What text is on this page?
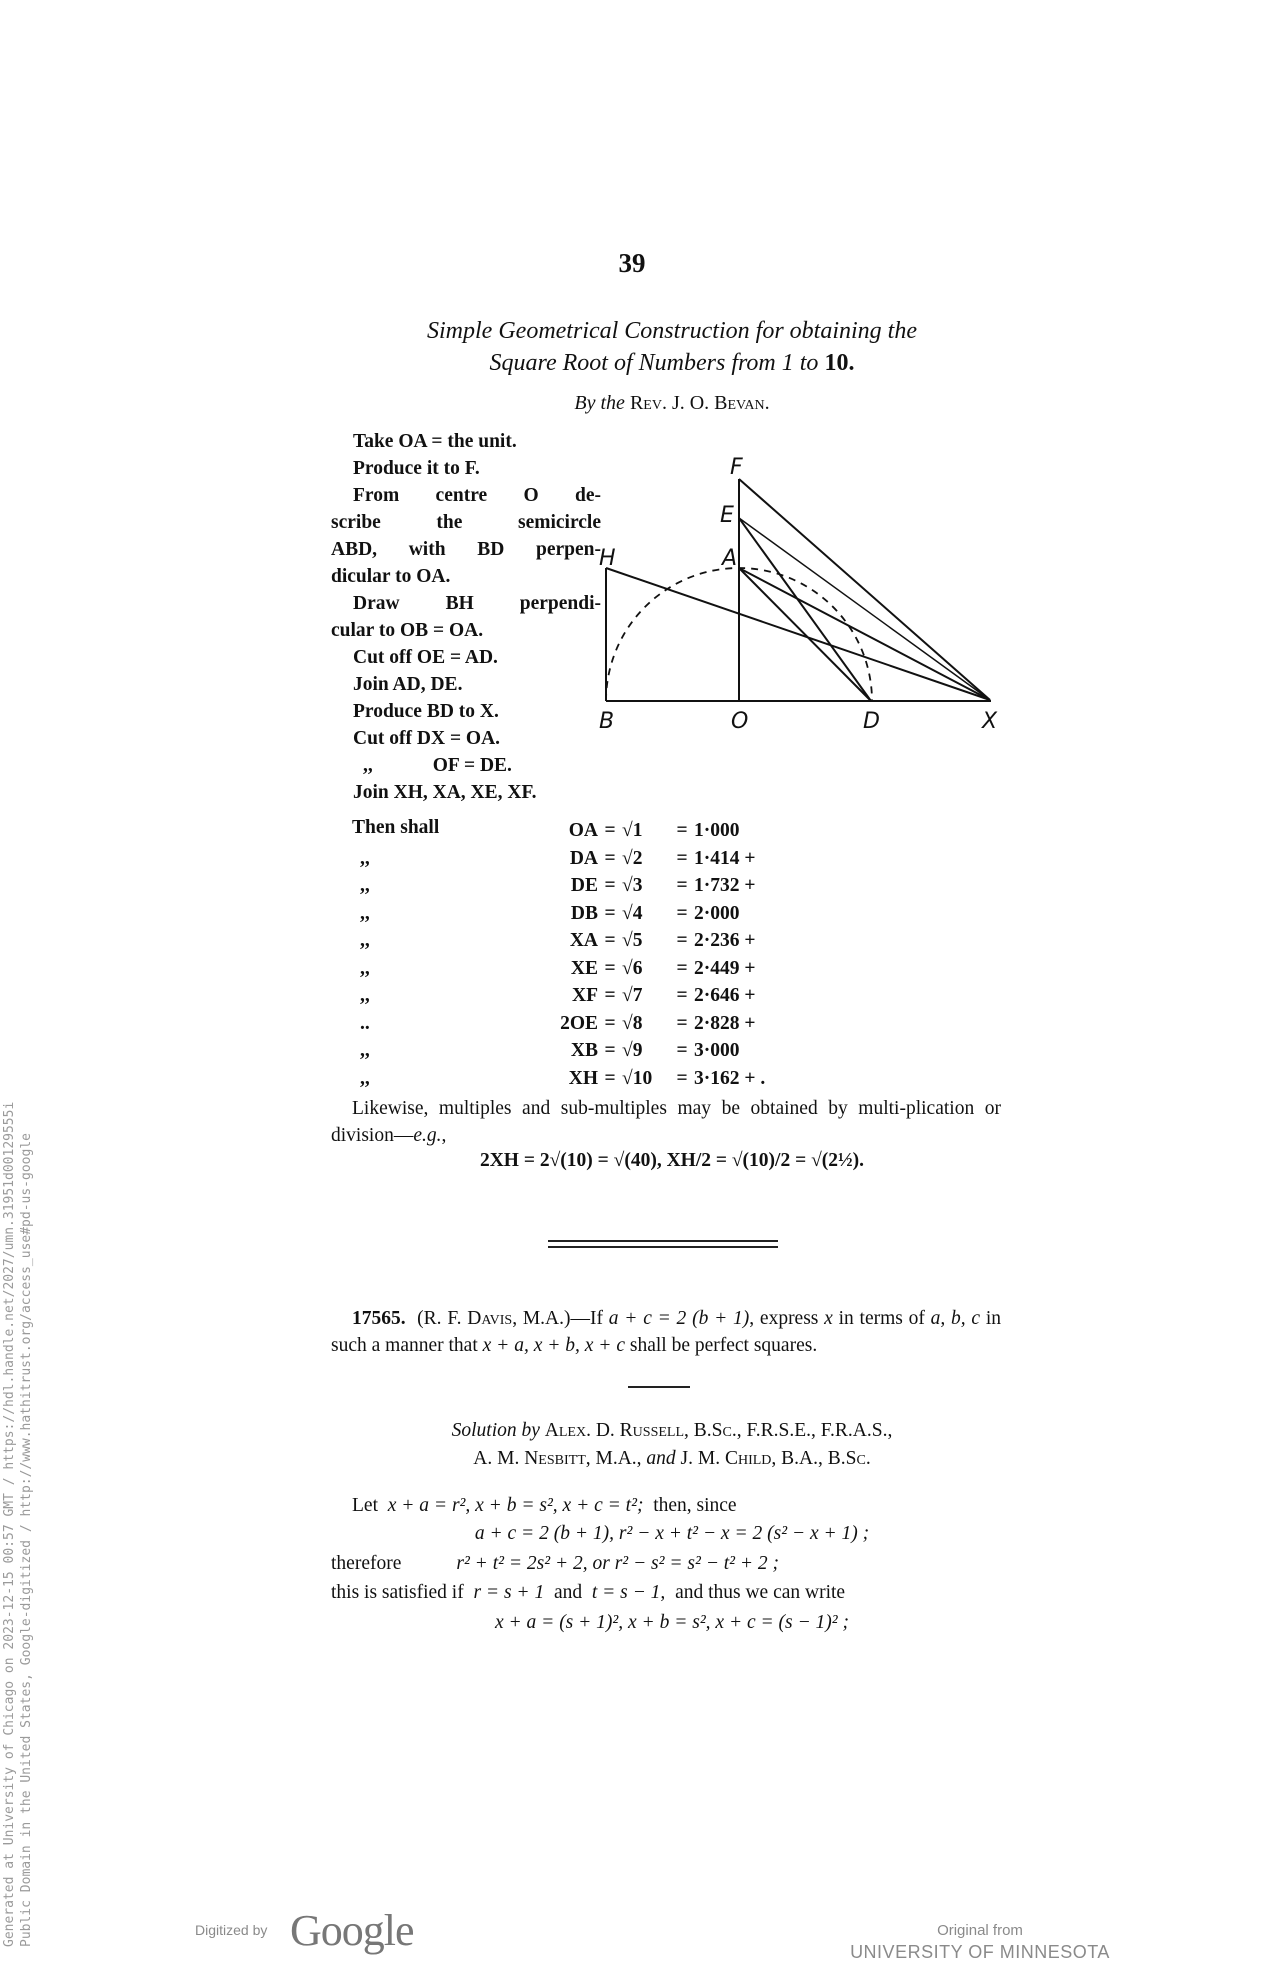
39
Simple Geometrical Construction for obtaining the
Square Root of Numbers from 1 to 10.
By the Rev. J. O. Bevan.
Take OA = the unit.
Produce it to F.
From centre O de-
scribe the semicircle
ABD, with BD perpen-
dicular to OA.
Draw BH perpendi-
cular to OB = OA.
Cut off OE = AD.
Join AD, DE.
Produce BD to X.
Cut off DX = OA.
,,	OF = DE.
Join XH, XA, XE, XF.
F
E
A
H
B	O	D	X
Then shall
		OA	=	√1	=	1·000
,,	DA	=	√2	=	1·414 +
,,	DE	=	√3	=	1·732 +
,,	DB	=	√4	=	2·000
,,	XA	=	√5	=	2·236 +
,,	XE	=	√6	=	2·449 +
,,	XF	=	√7	=	2·646 +
..	2OE	=	√8	=	2·828 +
,,	XB	=	√9	=	3·000
,,	XH	=	√10	=	3·162 + .
Likewise, multiples and sub-multiples may be obtained by multi-plication or division—e.g.,
2XH = 2√(10) = √(40), XH/2 = √(10)/2 = √(2½).
17565. (R. F. Davis, M.A.)—If a + c = 2 (b + 1), express x in terms of a, b, c in such a manner that x + a, x + b, x + c shall be perfect squares.
Solution by Alex. D. Russell, B.Sc., F.R.S.E., F.R.A.S.,
A. M. Nesbitt, M.A., and J. M. Child, B.A., B.Sc.
Let x + a = r², x + b = s², x + c = t²; then, since
a + c = 2 (b + 1), r² − x + t² − x = 2 (s² − x + 1) ;
therefore	r² + t² = 2s² + 2, or r² − s² = s² − t² + 2 ;
this is satisfied if r = s + 1 and t = s − 1, and thus we can write
x + a = (s + 1)², x + b = s², x + c = (s − 1)² ;
Generated at University of Chicago on 2023-12-15 00:57 GMT / https://hdl.handle.net/2027/umn.31951d00129555i Public Domain in the United States, Google-digitized / http://www.hathitrust.org/access_use#pd-us-google	Digitized by Google	Original from
UNIVERSITY OF MINNESOTA
